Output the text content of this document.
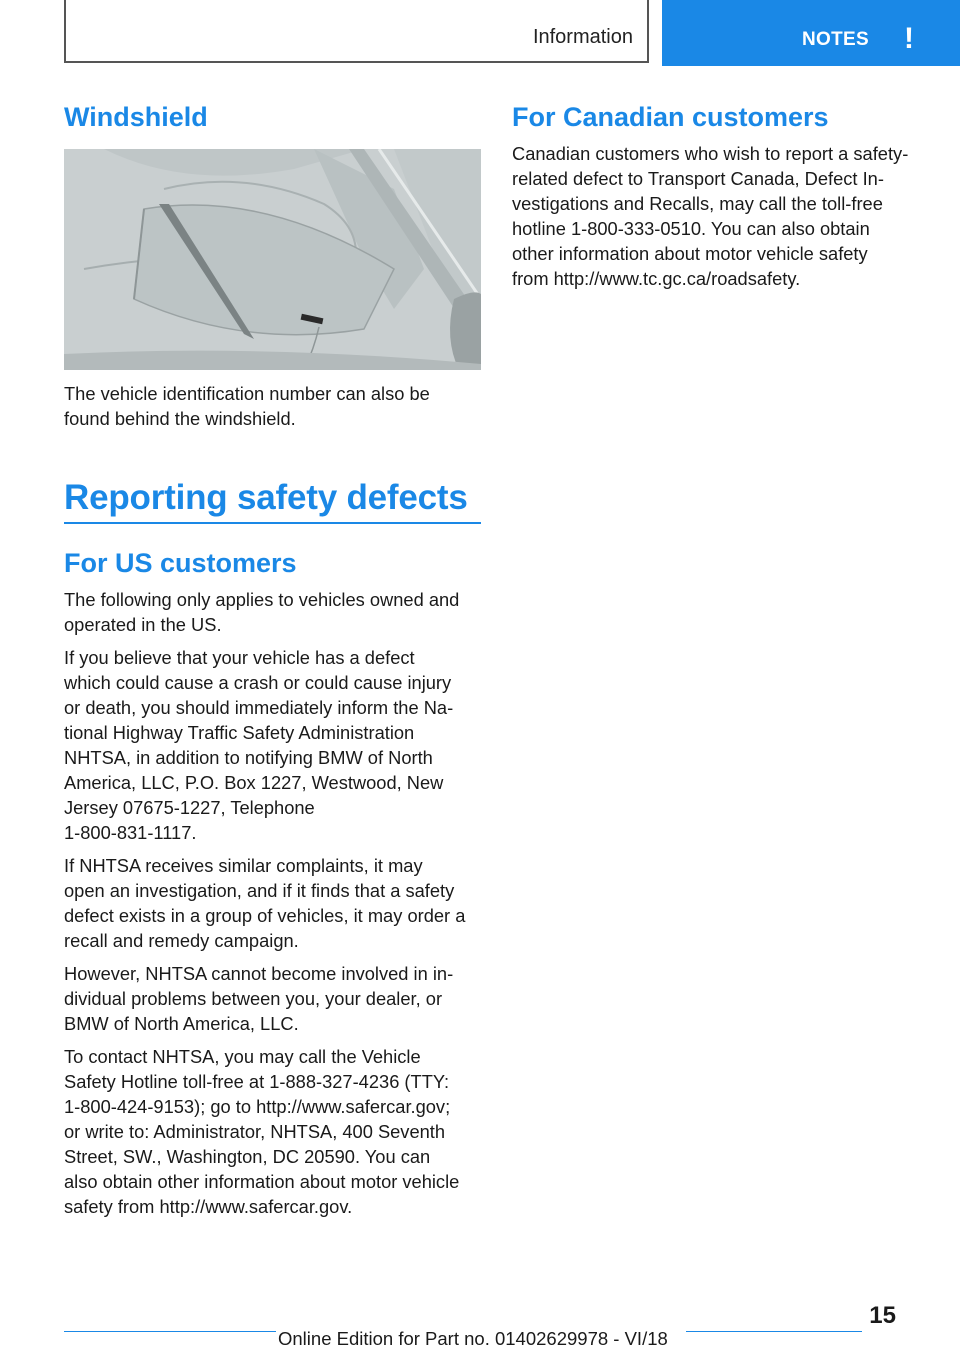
Information	NOTES !
Windshield

The vehicle identification number can also be
found behind the windshield.

Reporting safety defects
For US customers

The following only applies to vehicles owned and
operated in the US.

If you believe that your vehicle has a defect
which could cause a crash or could cause injury
or death, you should immediately inform the Na-
tional Highway Traffic Safety Administration
NHTSA, in addition to notifying BMW of North
America, LLC, P.O. Box 1227, Westwood, New
Jersey 07675-1227, Telephone
1-800-831-1117.

If NHTSA receives similar complaints, it may
open an investigation, and if it finds that a safety
defect exists in a group of vehicles, it may order a
recall and remedy campaign.

However, NHTSA cannot become involved in in-
dividual problems between you, your dealer, or
BMW of North America, LLC.

To contact NHTSA, you may call the Vehicle
Safety Hotline toll-free at 1-888-327-4236 (TTY:
1-800-424-9153); go to http://www.safercar.gov;
or write to: Administrator, NHTSA, 400 Seventh
Street, SW., Washington, DC 20590. You can
also obtain other information about motor vehicle
safety from http://www.safercar.gov.

For Canadian customers

Canadian customers who wish to report a safety-
related defect to Transport Canada, Defect In-
vestigations and Recalls, may call the toll-free
hotline 1-800-333-0510. You can also obtain
other information about motor vehicle safety
from http://www.tc.gc.ca/roadsafety.

15
Online Edition for Part no. 01402629978 - VI/18
